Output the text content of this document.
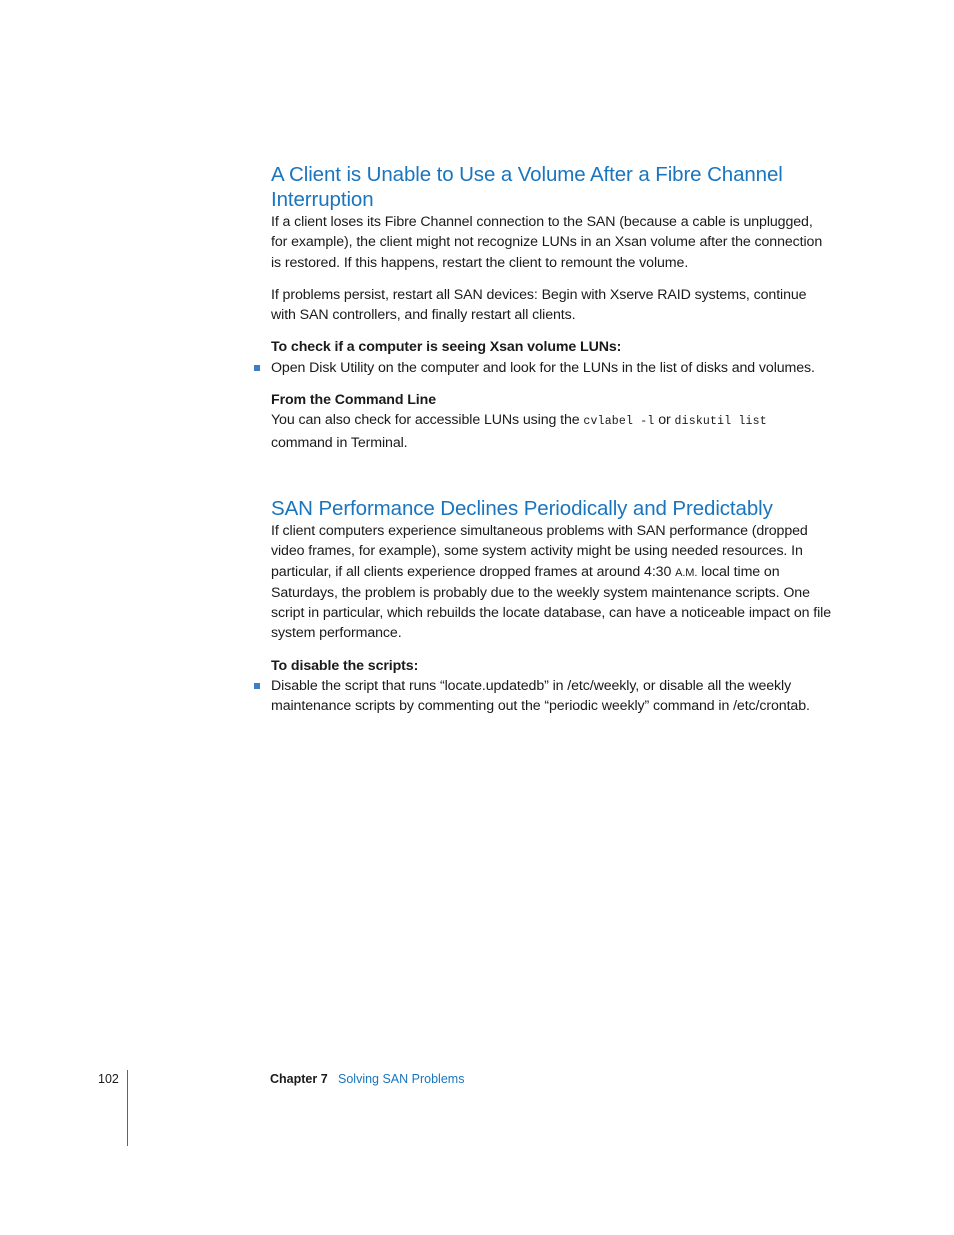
A Client is Unable to Use a Volume After a Fibre Channel Interruption

If a client loses its Fibre Channel connection to the SAN (because a cable is unplugged, for example), the client might not recognize LUNs in an Xsan volume after the connection is restored. If this happens, restart the client to remount the volume.

If problems persist, restart all SAN devices: Begin with Xserve RAID systems, continue with SAN controllers, and finally restart all clients.

To check if a computer is seeing Xsan volume LUNs:
Open Disk Utility on the computer and look for the LUNs in the list of disks and volumes.
From the Command Line

You can also check for accessible LUNs using the cvlabel -l or diskutil list
command in Terminal.

SAN Performance Declines Periodically and Predictably

If client computers experience simultaneous problems with SAN performance (dropped video frames, for example), some system activity might be using needed resources. In particular, if all clients experience dropped frames at around 4:30 A.M. local time on Saturdays, the problem is probably due to the weekly system maintenance scripts. One script in particular, which rebuilds the locate database, can have a noticeable impact on file system performance.

To disable the scripts:
Disable the script that runs “locate.updatedb” in /etc/weekly, or disable all the weekly maintenance scripts by commenting out the “periodic weekly” command in /etc/crontab.
102	Chapter 7 Solving SAN Problems
